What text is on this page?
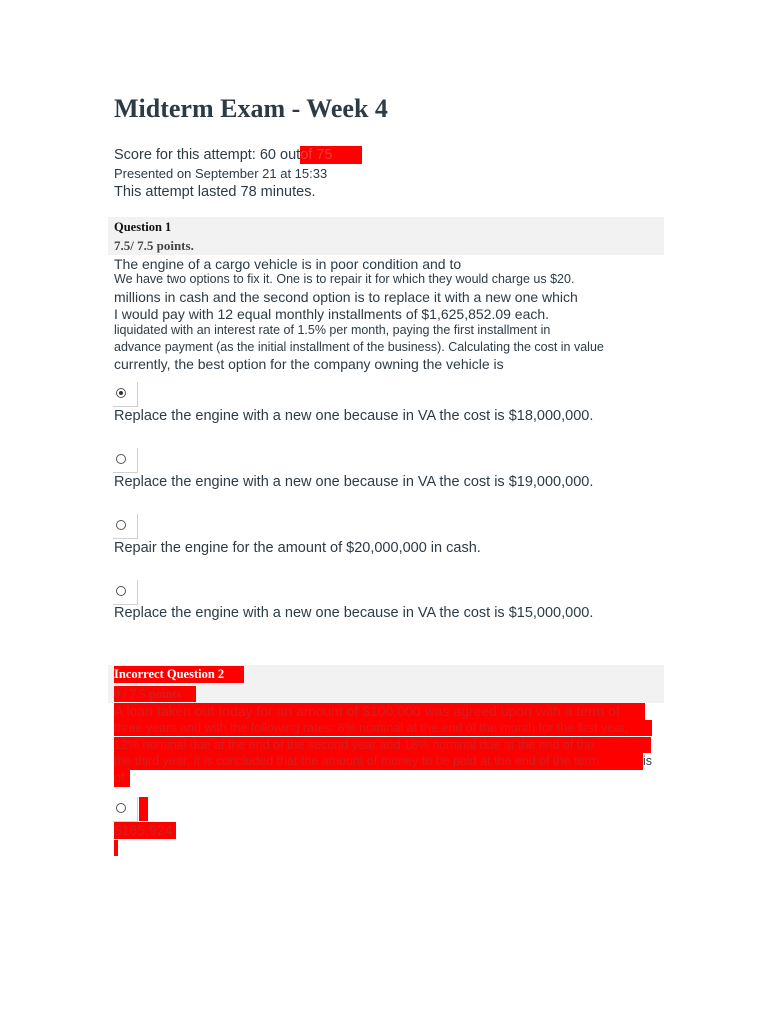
Midterm Exam - Week 4
Score for this attempt: 60 outof 75
Presented on September 21 at 15:33
This attempt lasted 78 minutes.
Question 1
7.5/ 7.5 points.
The engine of a cargo vehicle is in poor condition and to
We have two options to fix it. One is to repair it for which they would charge us $20.
millions in cash and the second option is to replace it with a new one which
I would pay with 12 equal monthly installments of $1,625,852.09 each.
liquidated with an interest rate of 1.5% per month, paying the first installment in
advance payment (as the initial installment of the business). Calculating the cost in value
currently, the best option for the company owning the vehicle is
Replace the engine with a new one because in VA the cost is $18,000,000.
Replace the engine with a new one because in VA the cost is $19,000,000.
Repair the engine for the amount of $20,000,000 in cash.
Replace the engine with a new one because in VA the cost is $15,000,000.
Incorrect Question 2
0 / 7.5 points
A loan taken out today for an amount of $100,000 was agreed upon with a term of
three years and with the following rates: 6% nominal at the end of the month for the first year,
12% nominal due at the end of the second year and 18% nominal due at the end of the
the third year. It is concluded that the amount of money to be paid at the end of the term	is
of
$165,924
